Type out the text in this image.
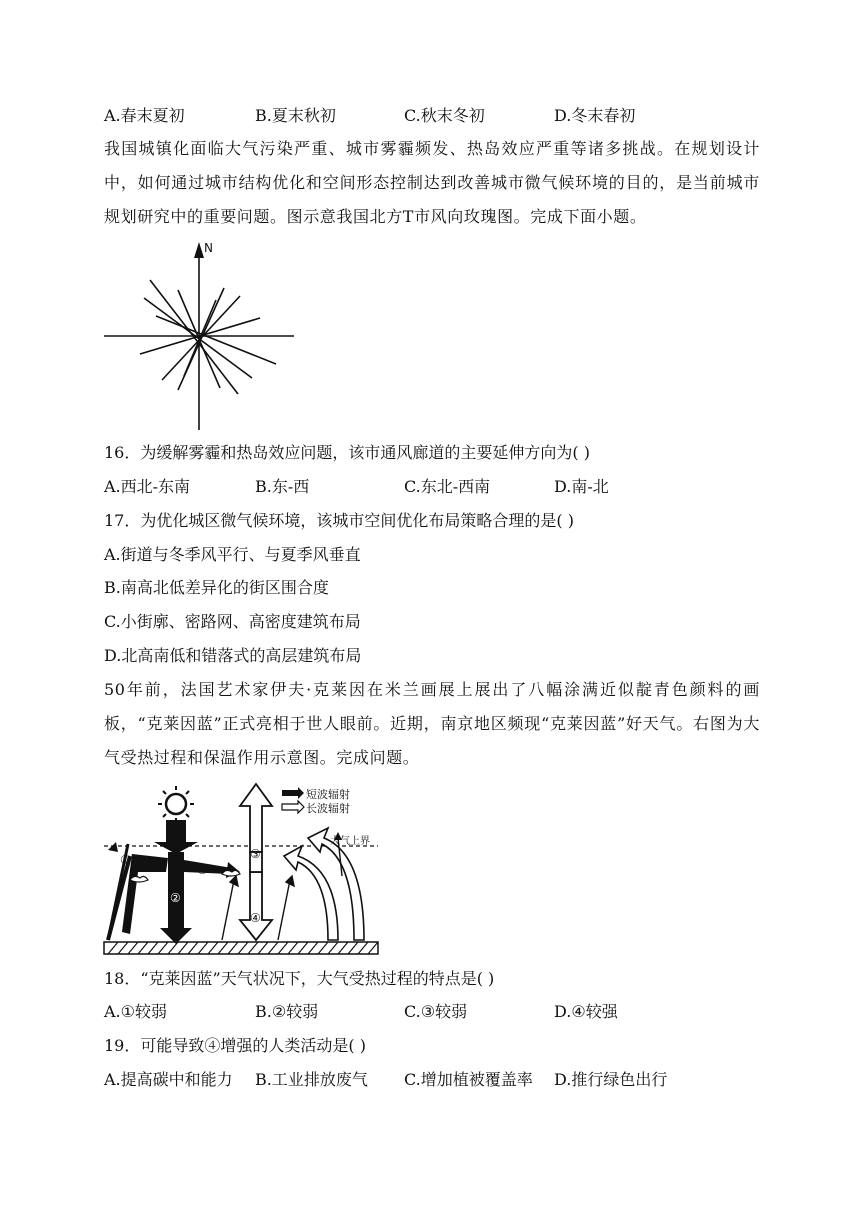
A.春末夏初	B.夏末秋初	C.秋末冬初	D.冬末春初
我国城镇化面临大气污染严重、城市雾霾频发、热岛效应严重等诸多挑战。在规划设计中，如何通过城市结构优化和空间形态控制达到改善城市微气候环境的目的，是当前城市规划研究中的重要问题。图示意我国北方T市风向玫瑰图。完成下面小题。
N
16．为缓解雾霾和热岛效应问题，该市通风廊道的主要延伸方向为( )
A.西北-东南	B.东-西	C.东北-西南	D.南-北
17．为优化城区微气候环境，该城市空间优化布局策略合理的是( )
A.街道与冬季风平行、与夏季风垂直
B.南高北低差异化的街区围合度
C.小街廓、密路网、高密度建筑布局
D.北高南低和错落式的高层建筑布局
50年前，法国艺术家伊夫·克莱因在米兰画展上展出了八幅涂满近似靛青色颜料的画板，“克莱因蓝”正式亮相于世人眼前。近期，南京地区频现“克莱因蓝”好天气。右图为大气受热过程和保温作用示意图。完成问题。
短波辐射
长波辐射
大气上界
①
①
②
③
④
18．“克莱因蓝”天气状况下，大气受热过程的特点是( )
A.①较弱	B.②较弱	C.③较弱	D.④较强
19．可能导致④增强的人类活动是( )
A.提高碳中和能力 B.工业排放废气 C.增加植被覆盖率 D.推行绿色出行
